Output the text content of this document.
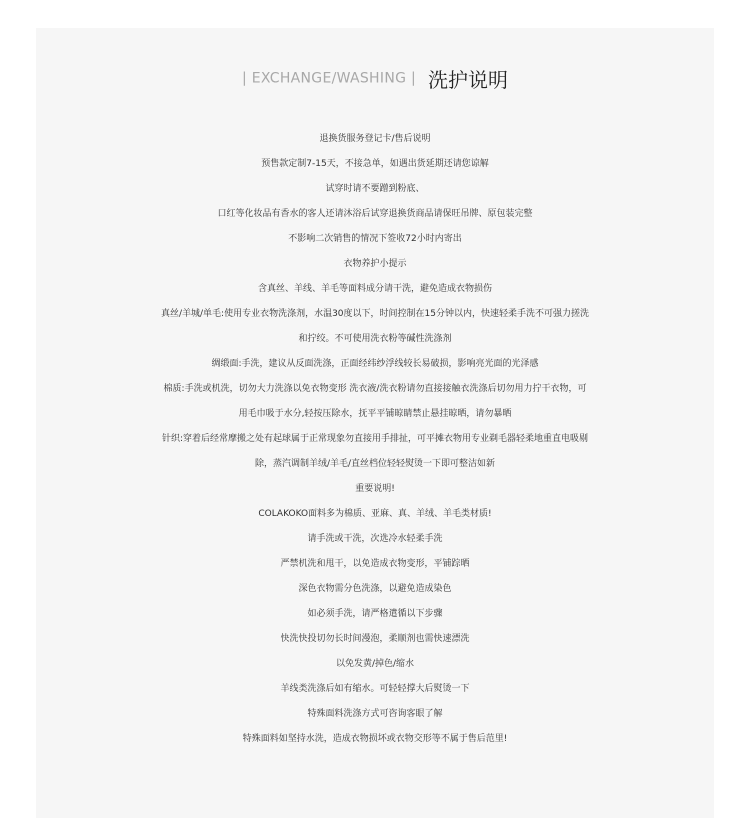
| EXCHANGE/WASHING | 洗护说明
退换货服务登记卡/售后说明
预售款定制7-15天，不接急单，如遇出货延期还请您谅解
试穿时请不要蹭到粉底、
口红等化妆品有香水的客人还请沐浴后试穿退换货商品请保旺吊牌、原包装完整
不影响二次销售的情况下签收72小时内寄出
衣物养护小提示
含真丝、羊线、羊毛等面料成分请干洗，避免造成衣物损伤
真丝/羊城/单毛:使用专业衣物洗涤剂，水温30度以下，时间控制在15分钟以内，快速轻柔手洗不可强力搓洗
和拧绞。不可使用洗衣粉等碱性洗涤剂
绸缎面:手洗，建议从反面洗涤，正面经纬纱浮线较长易破损，影响亮光面的光泽感
棉质:手洗或机洗，切勿大力洗涤以免衣物变形 洗衣液/洗衣粉请勿直接接触衣洗涤后切勿用力拧干衣物，可
用毛巾吸于水分,轻按压除水，抚平平铺晾睛禁止悬挂晾晒，请勿暴晒
针织:穿着后经常摩搬之处有起球属于正常现象勿直接用手排扯，可平摊衣物用专业剃毛器轻柔地重直电吸剔
除，蒸汽调制羊绒/羊毛/直丝档位轻轻熨烫一下即可整洁如新
重要说明!
COLAKOKO面料多为棉质、亚麻、真、羊绒、羊毛类材质!
请手洗或干洗，次选冷水轻柔手洗
严禁机洗和甩干，以免造成衣物变形，平铺踪晒
深色衣物需分色洗涤，以避免造成染色
如必须手洗，请严格遣循以下步骤
快洗快投切勿长时间漫泡，柔顺剂也需快速漂洗
以免发黄/掉色/缩水
羊线类洗涤后如有缩水。可轻轻撑大后熨烫一下
特殊面料洗涤方式可咨询客眼了解
特殊面料如坚持水洗，造成衣物损坏或衣物交形等不属于售后范里!
